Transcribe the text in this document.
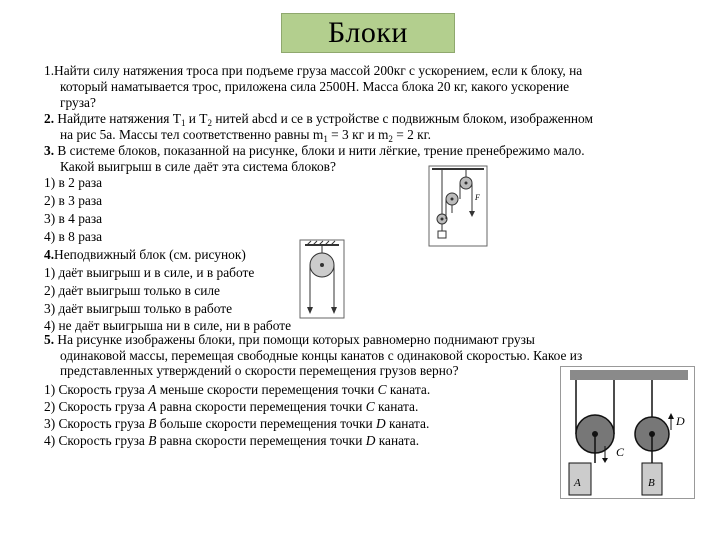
Блоки
1.Найти силу натяжения троса при подъеме груза массой 200кг с ускорением, если к блоку, на
который наматывается трос, приложена сила 2500Н. Масса блока 20 кг, какого ускорение
груза?
2. Найдите натяжения $T_1$ и $T_2$ нитей abcd и ce в устройстве с подвижным блоком, изображенном
на рис 5а. Массы тел соответственно равны $m_1 = 3$ кг и $m_2 = 2$ кг.
3. В системе блоков, показанной на рисунке, блоки и нити лёгкие, трение пренебрежимо мало.
Какой выигрыш в силе даёт эта система блоков?
1) в 2 раза
2) в 3 раза
3) в 4 раза
4) в 8 раза
F
4.Неподвижный блок (см. рисунок)
1) даёт выигрыш и в силе, и в работе
2) даёт выигрыш только в силе
3) даёт выигрыш только в работе
4) не даёт выигрыша ни в силе, ни в работе
5. На рисунке изображены блоки, при помощи которых равномерно поднимают грузы
одинаковой массы, перемещая свободные концы канатов с одинаковой скоростью. Какое из
представленных утверждений о скорости перемещения грузов верно?
1) Скорость груза A меньше скорости перемещения точки C каната.
2) Скорость груза A равна скорости перемещения точки C каната.
3) Скорость груза B больше скорости перемещения точки D каната.
4) Скорость груза B равна скорости перемещения точки D каната.
C
A
D
B
